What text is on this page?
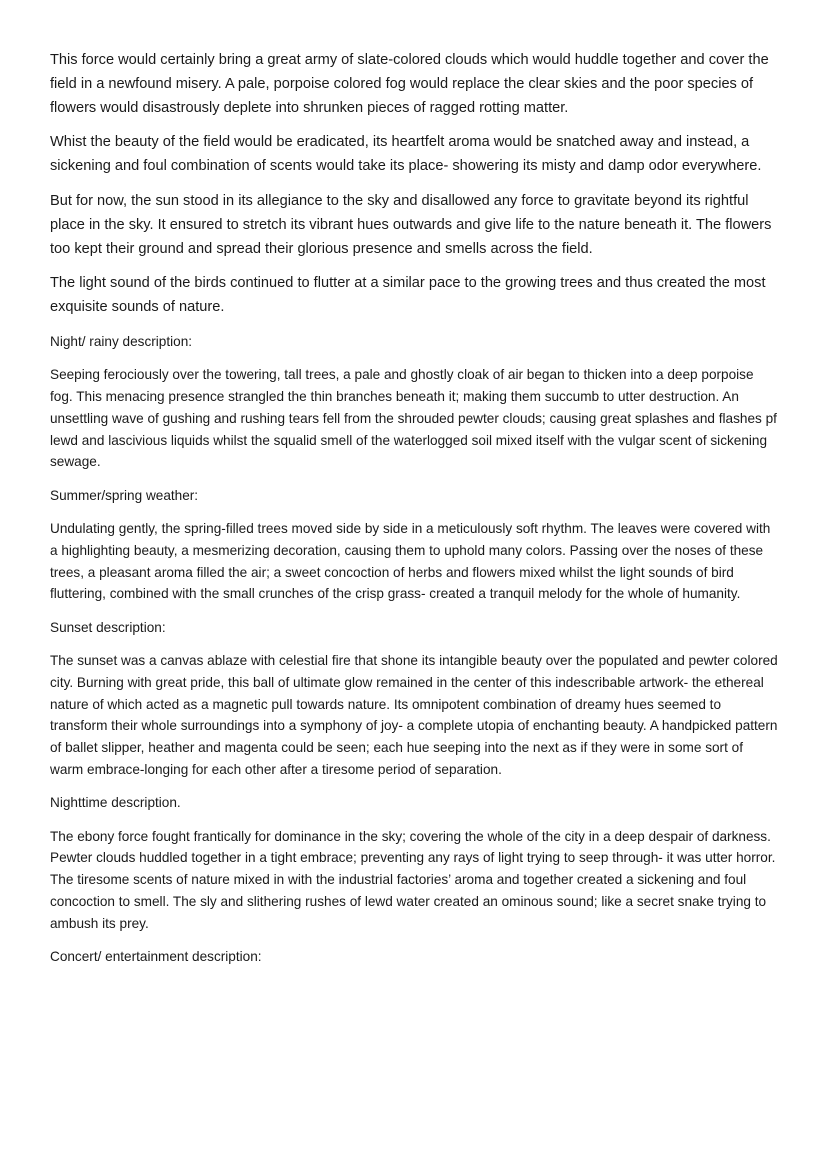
This force would certainly bring a great army of slate-colored clouds which would huddle together and cover the field in a newfound misery. A pale, porpoise colored fog would replace the clear skies and the poor species of flowers would disastrously deplete into shrunken pieces of ragged rotting matter.

Whist the beauty of the field would be eradicated, its heartfelt aroma would be snatched away and instead, a sickening and foul combination of scents would take its place- showering its misty and damp odor everywhere.

But for now, the sun stood in its allegiance to the sky and disallowed any force to gravitate beyond its rightful place in the sky. It ensured to stretch its vibrant hues outwards and give life to the nature beneath it. The flowers too kept their ground and spread their glorious presence and smells across the field.

The light sound of the birds continued to flutter at a similar pace to the growing trees and thus created the most exquisite sounds of nature.

Night/ rainy description:

Seeping ferociously over the towering, tall trees, a pale and ghostly cloak of air began to thicken into a deep porpoise fog. This menacing presence strangled the thin branches beneath it; making them succumb to utter destruction. An unsettling wave of gushing and rushing tears fell from the shrouded pewter clouds; causing great splashes and flashes pf lewd and lascivious liquids whilst the squalid smell of the waterlogged soil mixed itself with the vulgar scent of sickening sewage.

Summer/spring weather:

Undulating gently, the spring-filled trees moved side by side in a meticulously soft rhythm. The leaves were covered with a highlighting beauty, a mesmerizing decoration, causing them to uphold many colors. Passing over the noses of these trees, a pleasant aroma filled the air; a sweet concoction of herbs and flowers mixed whilst the light sounds of bird fluttering, combined with the small crunches of the crisp grass- created a tranquil melody for the whole of humanity.

Sunset description:

The sunset was a canvas ablaze with celestial fire that shone its intangible beauty over the populated and pewter colored city. Burning with great pride, this ball of ultimate glow remained in the center of this indescribable artwork- the ethereal nature of which acted as a magnetic pull towards nature. Its omnipotent combination of dreamy hues seemed to transform their whole surroundings into a symphony of joy- a complete utopia of enchanting beauty. A handpicked pattern of ballet slipper, heather and magenta could be seen; each hue seeping into the next as if they were in some sort of warm embrace-longing for each other after a tiresome period of separation.

Nighttime description.

The ebony force fought frantically for dominance in the sky; covering the whole of the city in a deep despair of darkness. Pewter clouds huddled together in a tight embrace; preventing any rays of light trying to seep through- it was utter horror. The tiresome scents of nature mixed in with the industrial factories’ aroma and together created a sickening and foul concoction to smell. The sly and slithering rushes of lewd water created an ominous sound; like a secret snake trying to ambush its prey.

Concert/ entertainment description:
